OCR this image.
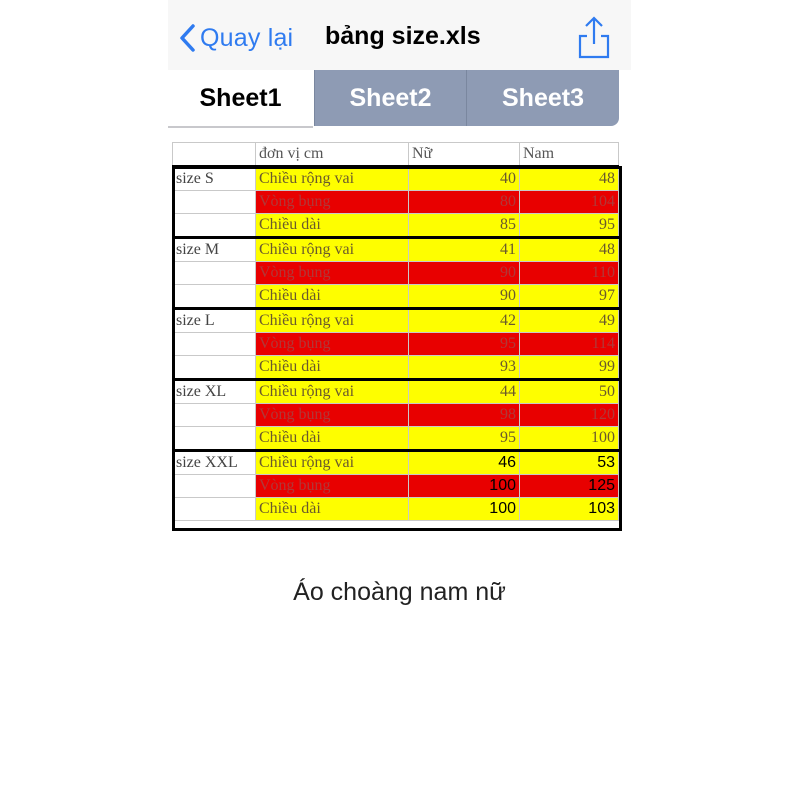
Quay lại bảng size.xls
Sheet1	Sheet2	Sheet3
	đơn vị cm	Nữ	Nam
size S	Chiều rộng vai	40	48
	Vòng bụng	80	104
	Chiều dài	85	95
size M	Chiều rộng vai	41	48
	Vòng bụng	90	110
	Chiều dài	90	97
size L	Chiều rộng vai	42	49
	Vòng bụng	95	114
	Chiều dài	93	99
size XL	Chiều rộng vai	44	50
	Vòng bụng	98	120
	Chiều dài	95	100
size XXL	Chiều rộng vai	46	53
	Vòng bụng	100	125
	Chiều dài	100	103
Áo choàng nam nữ
